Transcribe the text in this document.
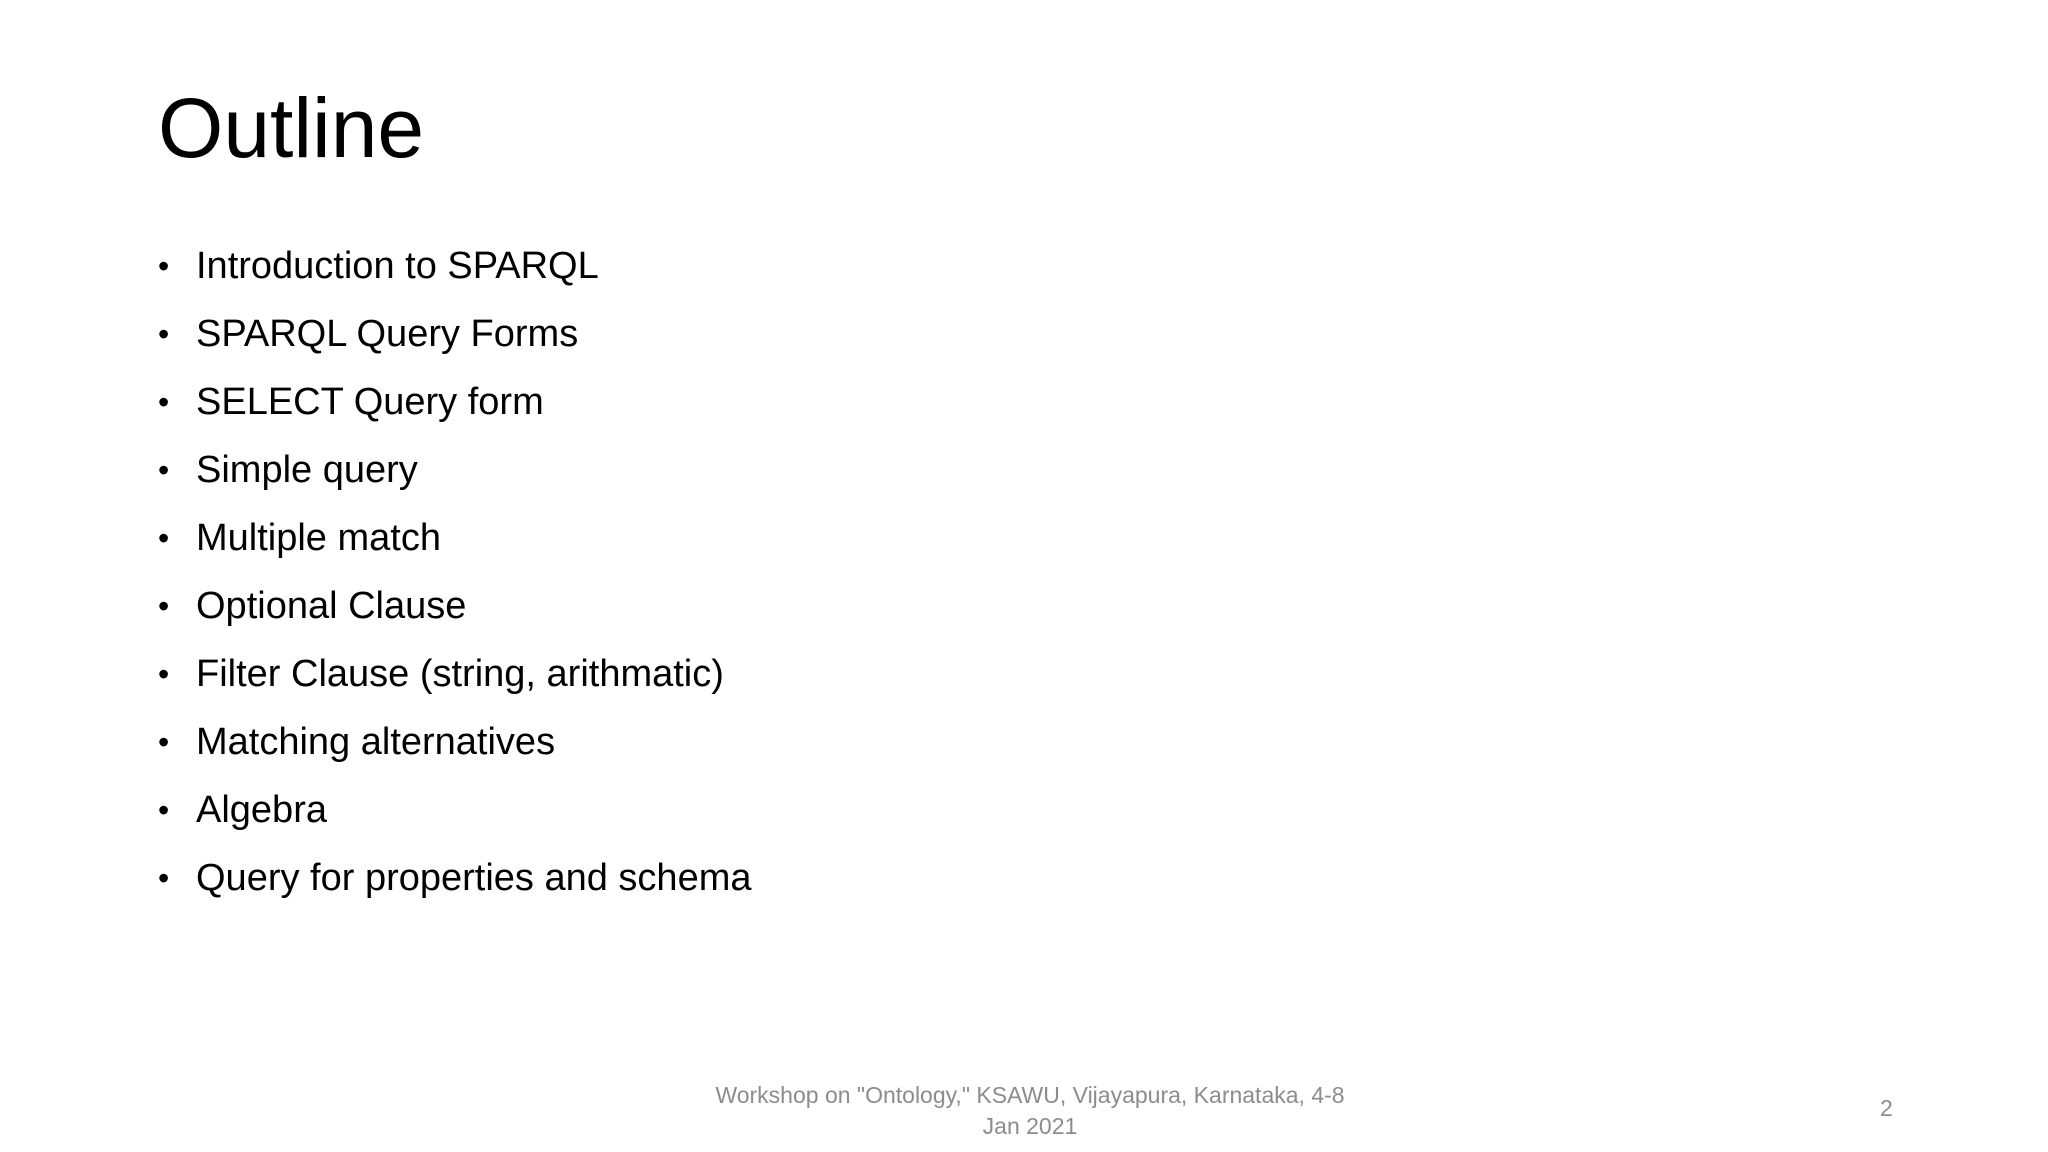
Outline
• Introduction to SPARQL
• SPARQL Query Forms
• SELECT Query form
• Simple query
• Multiple match
• Optional Clause
• Filter Clause (string, arithmatic)
• Matching alternatives
• Algebra
• Query for properties and schema
Workshop on "Ontology," KSAWU, Vijayapura, Karnataka, 4-8
Jan 2021
2
